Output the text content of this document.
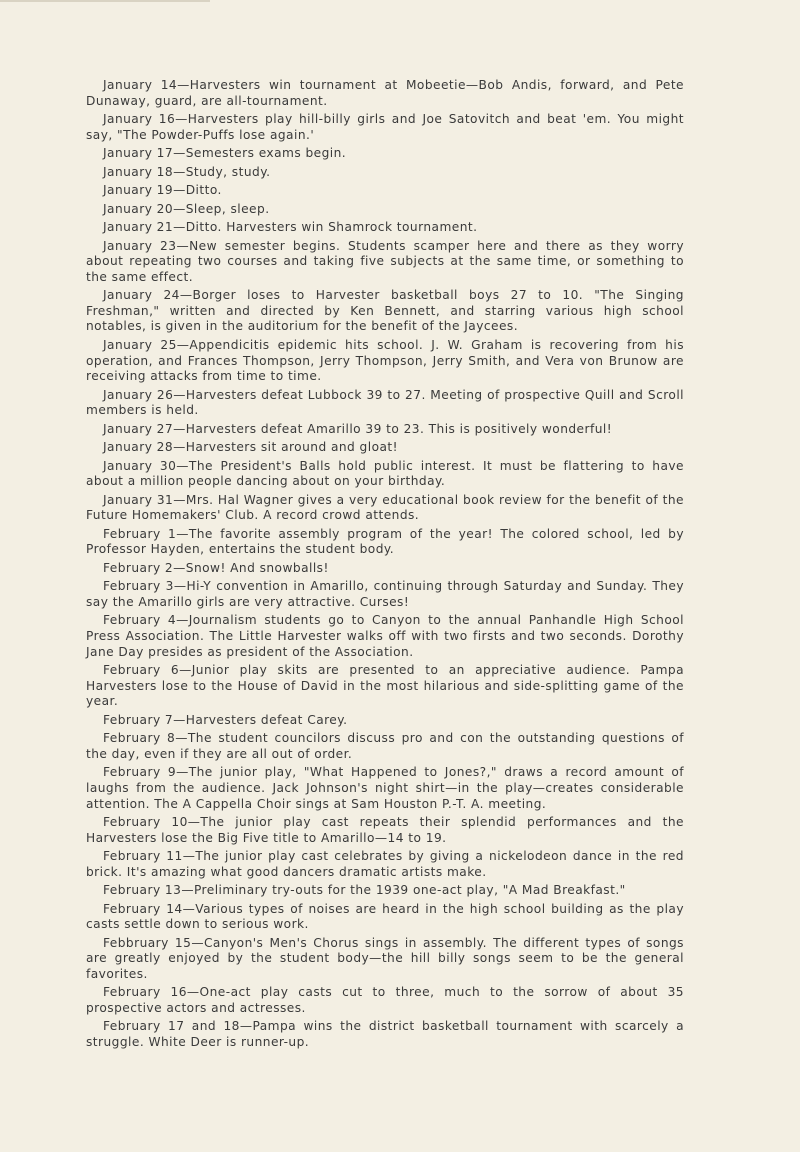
January 14—Harvesters win tournament at Mobeetie—Bob Andis, forward, and Pete Dunaway, guard, are all-tournament.

January 16—Harvesters play hill-billy girls and Joe Satovitch and beat 'em. You might say, "The Powder-Puffs lose again.'

January 17—Semesters exams begin.

January 18—Study, study.

January 19—Ditto.

January 20—Sleep, sleep.

January 21—Ditto. Harvesters win Shamrock tournament.

January 23—New semester begins. Students scamper here and there as they worry about repeating two courses and taking five subjects at the same time, or something to the same effect.

January 24—Borger loses to Harvester basketball boys 27 to 10. "The Singing Freshman," written and directed by Ken Bennett, and starring various high school notables, is given in the auditorium for the benefit of the Jaycees.

January 25—Appendicitis epidemic hits school. J. W. Graham is recovering from his operation, and Frances Thompson, Jerry Thompson, Jerry Smith, and Vera von Brunow are receiving attacks from time to time.

January 26—Harvesters defeat Lubbock 39 to 27. Meeting of prospective Quill and Scroll members is held.

January 27—Harvesters defeat Amarillo 39 to 23. This is positively wonderful!

January 28—Harvesters sit around and gloat!

January 30—The President's Balls hold public interest. It must be flattering to have about a million people dancing about on your birthday.

January 31—Mrs. Hal Wagner gives a very educational book review for the benefit of the Future Homemakers' Club. A record crowd attends.

February 1—The favorite assembly program of the year! The colored school, led by Professor Hayden, entertains the student body.

February 2—Snow! And snowballs!

February 3—Hi-Y convention in Amarillo, continuing through Saturday and Sunday. They say the Amarillo girls are very attractive. Curses!

February 4—Journalism students go to Canyon to the annual Panhandle High School Press Association. The Little Harvester walks off with two firsts and two seconds. Dorothy Jane Day presides as president of the Association.

February 6—Junior play skits are presented to an appreciative audience. Pampa Harvesters lose to the House of David in the most hilarious and side-splitting game of the year.

February 7—Harvesters defeat Carey.

February 8—The student councilors discuss pro and con the outstanding questions of the day, even if they are all out of order.

February 9—The junior play, "What Happened to Jones?," draws a record amount of laughs from the audience. Jack Johnson's night shirt—in the play—creates considerable attention. The A Cappella Choir sings at Sam Houston P.-T. A. meeting.

February 10—The junior play cast repeats their splendid performances and the Harvesters lose the Big Five title to Amarillo—14 to 19.

February 11—The junior play cast celebrates by giving a nickelodeon dance in the red brick. It's amazing what good dancers dramatic artists make.

February 13—Preliminary try-outs for the 1939 one-act play, "A Mad Breakfast."

February 14—Various types of noises are heard in the high school building as the play casts settle down to serious work.

Febbruary 15—Canyon's Men's Chorus sings in assembly. The different types of songs are greatly enjoyed by the student body—the hill billy songs seem to be the general favorites.

February 16—One-act play casts cut to three, much to the sorrow of about 35 prospective actors and actresses.

February 17 and 18—Pampa wins the district basketball tournament with scarcely a struggle. White Deer is runner-up.
